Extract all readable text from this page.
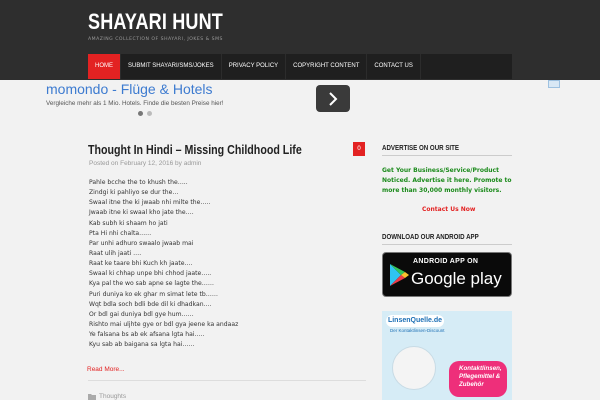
SHAYARI HUNT
AMAZING COLLECTION OF SHAYARI, JOKES & SMS
HOME	SUBMIT SHAYARI/SMS/JOKES	PRIVACY POLICY	COPYRIGHT CONTENT	CONTACT US
momondo - Flüge & Hotels
Vergleiche mehr als 1 Mio. Hotels. Finde die besten Preise hier!
Thought In Hindi – Missing Childhood Life	0
Posted on February 12, 2016 by admin
Pahle bcche the to khush the…..
Zindgi ki pahliyo se dur the…
Swaal itne the ki jwaab nhi milte the…..
Jwaab itne ki swaal kho jate the….
Kab subh ki shaam ho jati
Pta Hi nhi chalta……
Par unhi adhuro swaalo jwaab mai
Raat ulih jaati ….
Raat ke taare bhi Kuch kh jaate….
Swaal ki chhap unpe bhi chhod jaate…..
Kya pal the wo sab apne se lagte the……
Puri duniya ko ek ghar m simat lete tb……
Wqt bdla soch bdli bde dil ki dhadkan….
Or bdl gai duniya bdl gye hum……
Rishto mai uljhte gye or bdl gya jeene ka andaaz
Ye falsana bs ab ek afsana lgta hai…..
Kyu sab ab baigana sa lgta hai……
Read More...
Thoughts
ADVERTISE ON OUR SITE
Get Your Business/Service/Product Noticed. Advertise it here. Promote to more than 30,000 monthly visitors.
Contact Us Now
DOWNLOAD OUR ANDROID APP
ANDROID APP ON
Google play
LinsenQuelle.de
Der Kontaktlinsen-Discount
Kontaktlinsen, Pflegemittel & Zubehör
